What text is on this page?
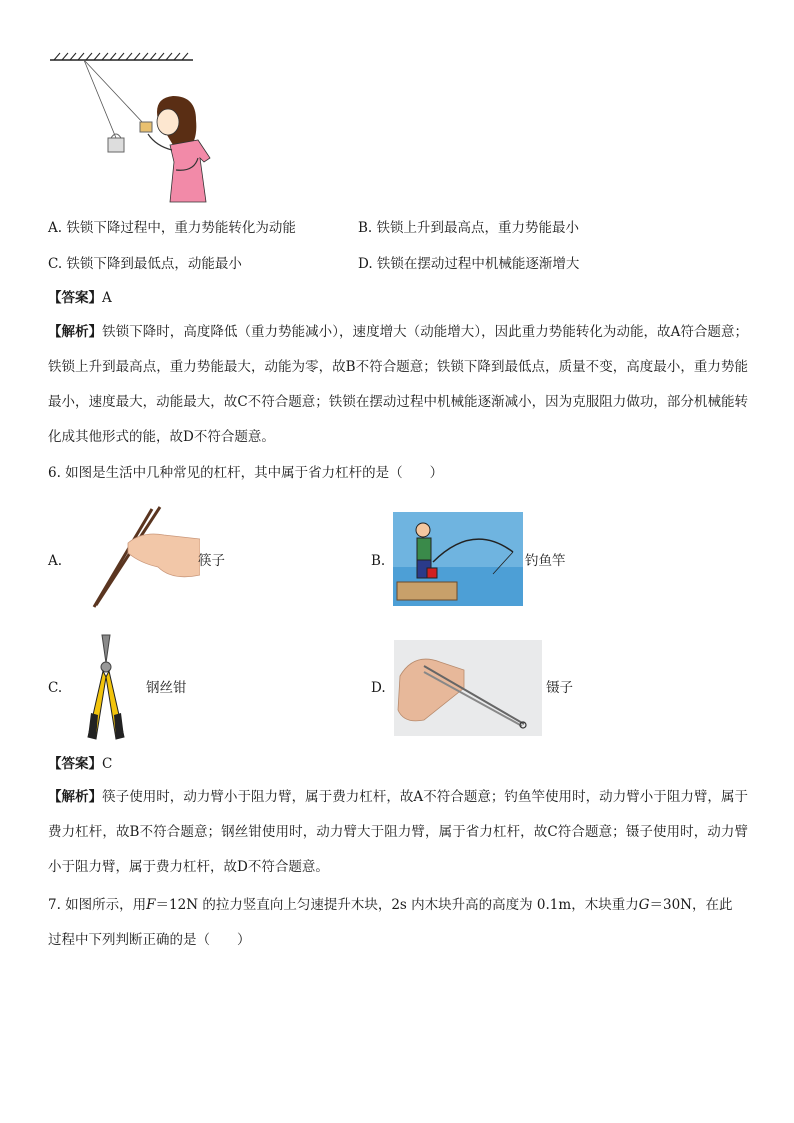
A. 铁锁下降过程中，重力势能转化为动能	B. 铁锁上升到最高点，重力势能最小
C. 铁锁下降到最低点，动能最小	D. 铁锁在摆动过程中机械能逐渐增大
【答案】A
【解析】铁锁下降时，高度降低（重力势能减小），速度增大（动能增大），因此重力势能转化为动能，故A符合题意；铁锁上升到最高点，重力势能最大，动能为零，故B不符合题意；铁锁下降到最低点，质量不变，高度最小，重力势能最小，速度最大，动能最大，故C不符合题意；铁锁在摆动过程中机械能逐渐减小，因为克服阻力做功，部分机械能转化成其他形式的能，故D不符合题意。
6. 如图是生活中几种常见的杠杆，其中属于省力杠杆的是（　　）
A.	筷子	B.	钓鱼竿
C.	钢丝钳	D.	镊子
【答案】C
【解析】筷子使用时，动力臂小于阻力臂，属于费力杠杆，故A不符合题意；钓鱼竿使用时，动力臂小于阻力臂，属于费力杠杆，故B不符合题意；钢丝钳使用时，动力臂大于阻力臂，属于省力杠杆，故C符合题意；镊子使用时，动力臂小于阻力臂，属于费力杠杆，故D不符合题意。
7. 如图所示，用F＝12N 的拉力竖直向上匀速提升木块，2s 内木块升高的高度为 0.1m，木块重力G＝30N，在此
过程中下列判断正确的是（　　）
